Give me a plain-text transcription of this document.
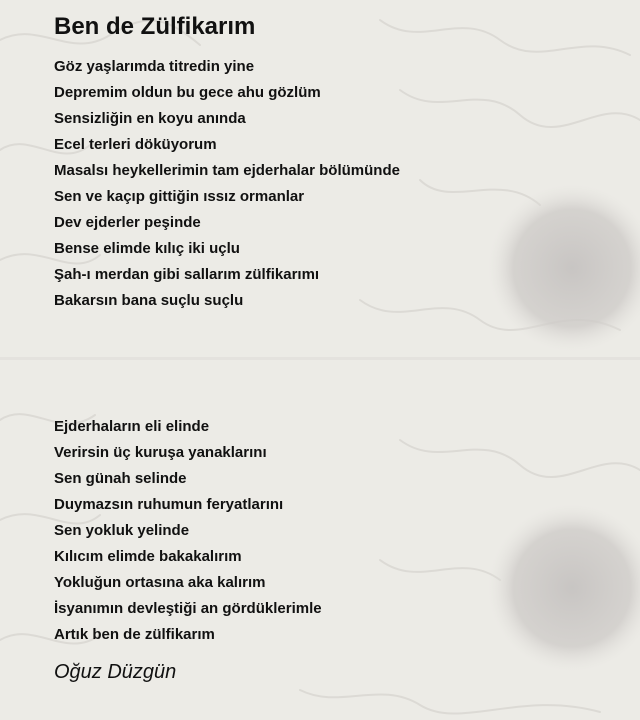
Ben de Zülfikarım
Göz yaşlarımda titredin yine
Depremim oldun bu gece ahu gözlüm
Sensizliğin en koyu anında
Ecel terleri döküyorum
Masalsı heykellerimin tam ejderhalar bölümünde
Sen ve kaçıp gittiğin ıssız ormanlar
Dev ejderler peşinde
Bense elimde kılıç iki uçlu
Şah-ı merdan gibi sallarım zülfikarımı
Bakarsın bana suçlu suçlu
Ejderhaların eli elinde
Verirsin üç kuruşa yanaklarını
Sen günah selinde
Duymazsın ruhumun feryatlarını
Sen yokluk yelinde
Kılıcım elimde bakakalırım
Yokluğun ortasına aka kalırım
İsyanımın devleştiği an gördüklerimle
Artık ben de zülfikarım
Oğuz Düzgün
